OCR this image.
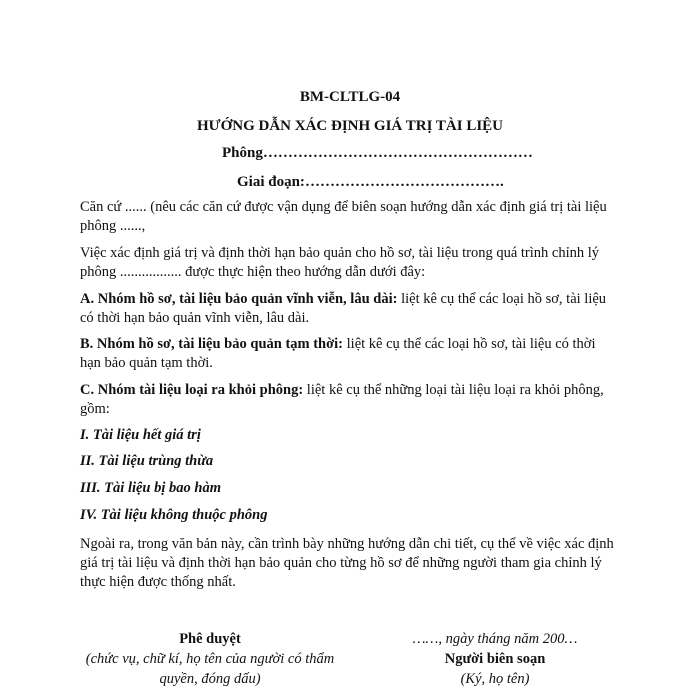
BM-CLTLG-04
HƯỚNG DẪN XÁC ĐỊNH GIÁ TRỊ TÀI LIỆU
Phông………………………………………………
Giai đoạn:………………………………….
Căn cứ ...... (nêu các căn cứ được vận dụng để biên soạn hướng dẫn xác định giá trị tài liệu phông ......,
Việc xác định giá trị và định thời hạn bảo quản cho hồ sơ, tài liệu trong quá trình chỉnh lý phông ................. được thực hiện theo hướng dẫn dưới đây:
A. Nhóm hồ sơ, tài liệu bảo quản vĩnh viễn, lâu dài: liệt kê cụ thể các loại hồ sơ, tài liệu có thời hạn bảo quản vĩnh viễn, lâu dài.
B. Nhóm hồ sơ, tài liệu bảo quản tạm thời: liệt kê cụ thể các loại hồ sơ, tài liệu có thời hạn bảo quản tạm thời.
C. Nhóm tài liệu loại ra khỏi phông: liệt kê cụ thể những loại tài liệu loại ra khỏi phông, gồm:
I. Tài liệu hết giá trị
II. Tài liệu trùng thừa
III. Tài liệu bị bao hàm
IV. Tài liệu không thuộc phông
Ngoài ra, trong văn bản này, cần trình bày những hướng dẫn chi tiết, cụ thể về việc xác định giá trị tài liệu và định thời hạn bảo quản cho từng hồ sơ để những người tham gia chỉnh lý thực hiện được thống nhất.
Phê duyệt
(chức vụ, chữ kí, họ tên của người có thẩm quyền, đóng dấu)
……, ngày tháng năm 200…
Người biên soạn
(Ký, họ tên)
